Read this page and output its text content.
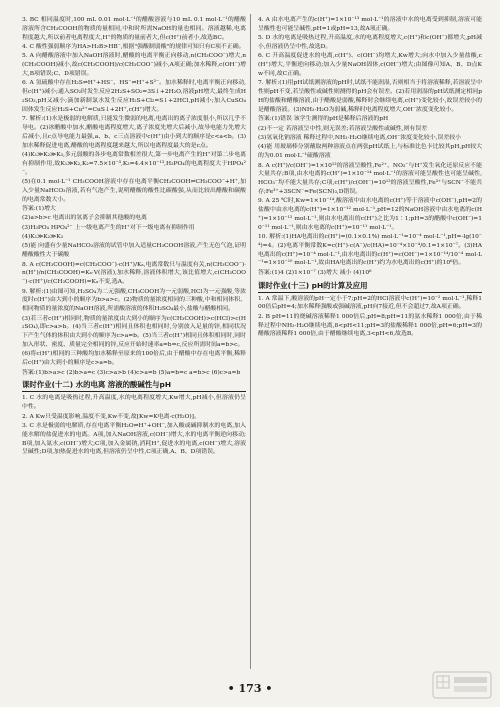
3. BC 相同温度时,100 mL 0.01 mol·L⁻¹的醋酸溶液与10 mL 0.1 mol·L⁻¹的醋酸溶液所含CH₃COOH的物质的量相同,中和时所需NaOH的量也相同。溶液越稀,电离程度越大,所以前者电离程度大,H⁺的物质的量前者大,但c(H⁺)前者小,故选BC。
4. C 酸性强弱顺序为HA>H₂B>HB⁻,根据"强酸制弱酸"的规律可知只有C项不正确。
5. A 向醋酸溶液中加入NaOH溶液时,醋酸的电离平衡正向移动,n(CH₃COO⁻)增大,n(CH₃COOH)减小,故c(CH₃COOH)/c(CH₃COO⁻)减小,A项正确;加水稀释,c(OH⁻)增大,B项错误;C、D项错误。
6. A 氢硫酸中存在H₂S⇌H⁺+HS⁻、HS⁻⇌H⁺+S²⁻。加水稀释时,电离平衡正向移动,但c(H⁺)减小;通入SO₂时发生反应2H₂S+SO₂=3S↓+2H₂O,溶液pH增大,最终生成H₂SO₃,pH又减小;滴加新制氯水发生反应H₂S+Cl₂=S↓+2HCl,pH减小;加入CuSO₄固体发生反应H₂S+Cu²⁺=CuS↓+2H⁺,c(H⁺)增大。
7. 解析:(1)水是极弱的电解质,只能发生微弱的电离,电离出的离子浓度很小,所以几乎不导电。(2)冰醋酸中加水,醋酸电离程度增大,离子浓度先增大后减小,故导电能力先增大后减小,且c点导电能力最强,a、b、c三点溶液中c(H⁺)由小到大的顺序是c<a<b。(3)加水稀释促进电离,醋酸的电离程度越来越大,所以电离程度最大的是c点。
(4)K₁≫K₂≫K₃,多元弱酸的各步电离常数相差很大,第一步电离产生的H⁺对第二步电离有抑制作用,故K₁≫K₂,K₂=7.5×10⁻³,K₃=4.4×10⁻¹³,H₃PO₄的电离程度大于HPO₄²⁻。
(5)在0.1 mol·L⁻¹ CH₃COOH溶液中存在电离平衡CH₃COOH⇌CH₃COO⁻+H⁺,加入少量NaHCO₃溶液,若有气泡产生,说明醋酸的酸性比碳酸强,从而比较出醋酸和碳酸的电离常数大小。
答案:(1)增大
(2)a>b>c 电离出的氢离子会抑制其他酸的电离
(3)H₃PO₄ HPO₄²⁻ 上一级电离产生的H⁺对下一级电离有抑制作用
(4)K₁≫K₂≫K₃
(5)能 向盛有少量NaHCO₃溶液的试管中加入适量CH₃COOH溶液,产生无色气泡,证明醋酸酸性大于碳酸
8. A c(CH₃COOH)=c(CH₃COO⁻)·c(H⁺)/Kₐ,电离常数只与温度有关,n(CH₃COO⁻)·n(H⁺)/n(CH₃COOH)=Kₐ·V(溶液),加水稀释,溶液体积增大,该比值增大,c(CH₃COO⁻)·c(H⁺)/c(CH₃COOH)=Kₐ不变,选A。
9. 解析:(1)由图可知,H₂SO₄为二元强酸,CH₃COOH为一元弱酸,HCl为一元强酸,等浓度时c(H⁺)由大到小的顺序为b>a>c。(2)物质的量浓度相同的三种酸,中和相同体积、相同物质的量浓度的NaOH溶液,所需酸溶液的体积H₂SO₄最小,盐酸与醋酸相同。
(3)若三者c(H⁺)相同时,物质的量浓度由大到小的顺序为c(CH₃COOH)>c(HCl)>c(H₂SO₄),即c>a>b。(4)当三者c(H⁺)相同且体积也相同时,分别放入足量的锌,相同状况下产生气体的体积由大到小的顺序为c>a=b。(5)当三者c(H⁺)相同且体积相同时,同时加入形状、密度、质量完全相同的锌,反应开始时速率a=b=c,反应所需时间a=b>c。
(6)将c(H⁺)相同的三种酸均加水稀释至原来的100倍后,由于醋酸中存在电离平衡,稀释后c(H⁺)由大到小的顺序是c>a=b。
答案:(1)b>a>c (2)b>a=c (3)c>a>b (4)c>a=b (5)a=b=c a=b>c (6)c>a=b
课时作业(十二) 水的电离 溶液的酸碱性与pH
1. C 水的电离是吸热过程,升高温度,水的电离程度增大,Kw增大,pH减小,但溶液仍呈中性。
2. A Kw只受温度影响,温度不变,Kw不变,故[Kw=K电离·c(H₂O)]。
3. C 水是极弱的电解质,存在电离平衡H₂O⇌H⁺+OH⁻,加入酸或碱抑制水的电离,加入能水解的盐促进水的电离。A项,加入NaOH溶液,c(OH⁻)增大,水的电离平衡逆向移动;B项,加入氨水,c(OH⁻)增大;C项,加入金属钠,消耗H⁺,促进水的电离,c(OH⁻)增大,溶液呈碱性;D项,加热促进水的电离,但溶液仍呈中性,C项正确,A、B、D项错误。
4. A 由水电离产生的c(H⁺)=1×10⁻¹³ mol·L⁻¹的溶液中水的电离受到抑制,溶液可能呈酸性也可能呈碱性,pH=1或pH=13,故A项正确。
5. D 水的电离是吸热过程,升高温度,水的电离程度增大,c(H⁺)和c(OH⁻)都增大,pH减小,但溶液仍呈中性,故选D。
6. C 升高温度促进水的电离,c(H⁺)、c(OH⁻)均增大,Kw增大;向水中加入少量盐酸,c(H⁺)增大,平衡逆向移动;加入少量NaOH固体,c(OH⁻)增大;由图像可知A、B、D点Kw不同,故C正确。
7. 解析:(1)用pH试纸测溶液的pH时,试纸不能润湿,否则相当于将溶液稀释,若溶液呈中性则pH不变,若呈酸性或碱性则测得的pH会有误差。(2)若用润湿的pH试纸测定相同pH的盐酸和醋酸溶液,由于醋酸是弱酸,稀释时会继续电离,c(H⁺)变化较小,故误差较小的是醋酸溶液。(3)NH₃·H₂O为弱碱,稀释时电离程度增大,OH⁻浓度变化较小。
答案:(1)错误 该学生测得的pH是稀释后溶液的pH
(2)不一定 若溶液呈中性,则无误差;若溶液呈酸性或碱性,则有误差
(3)氢氧化钠溶液 稀释过程中,NH₃·H₂O继续电离,OH⁻浓度变化较小,误差较小
(4)能 用玻璃棒分别蘸取两种溶液点在两张pH试纸上,与标准比色卡比较其pH,pH较大的为0.01 mol·L⁻¹硫酸溶液
8. A c(H⁺)/c(OH⁻)=1×10¹²的溶液呈酸性,Fe²⁺、NO₃⁻与H⁺发生氧化还原反应不能大量共存;B项,由水电离的c(H⁺)=1×10⁻¹⁴ mol·L⁻¹的溶液可能呈酸性也可能呈碱性,HCO₃⁻均不能大量共存;C项,c(H⁺)/c(OH⁻)=10¹²的溶液呈酸性,Fe³⁺与SCN⁻不能共存;Fe³⁺+3SCN⁻=Fe(SCN)₃,D错误。
9. A 25 ℃时,Kw=1×10⁻¹⁴,酸溶液中由水电离的c(H⁺)等于溶液中c(OH⁻),pH=2的盐酸中由水电离的c(H⁺)=1×10⁻¹² mol·L⁻¹,pH=12的NaOH溶液中由水电离的c(H⁺)=1×10⁻¹² mol·L⁻¹,则由水电离出的c(H⁺)之比为1∶1;pH=3的醋酸中c(OH⁻)=10⁻¹¹ mol·L⁻¹,则由水电离的c(H⁺)=10⁻¹¹ mol·L⁻¹。
10. 解析:(1)HA电离出的c(H⁺)=(0.1×0.1%) mol·L⁻¹=10⁻⁴ mol·L⁻¹,pH=-lg(10⁻⁴)=4。(2)电离平衡常数K=c(H⁺)·c(A⁻)/c(HA)=10⁻⁴×10⁻⁴/0.1=1×10⁻⁷。(3)HA电离出的c(H⁺)=10⁻⁴ mol·L⁻¹,由水电离出的c(H⁺)=c(OH⁻)=1×10⁻¹⁴/10⁻⁴ mol·L⁻¹=1×10⁻¹⁰ mol·L⁻¹,故由HA电离出的c(H⁺)约为水电离出的c(H⁺)的10⁶倍。
答案:(1)4 (2)1×10⁻⁷ (3)增大 减小 (4)10⁶
课时作业(十三) pH的计算及应用
1. A 常温下,酸溶液的pH一定小于7;pH=2的HCl溶液中c(H⁺)=10⁻² mol·L⁻¹,稀释100倍后pH=4;加水稀释强酸或强碱溶液,pH向7接近,但不会超过7,故A项正确。
2. B pH=11的烧碱溶液稀释1 000倍后,pH=8;pH=11的氨水稀释1 000倍,由于稀释过程中NH₃·H₂O继续电离,8<pH<11;pH=3的盐酸稀释1 000倍,pH=6;pH=3的醋酸溶液稀释1 000倍,由于醋酸继续电离,3<pH<6,故选B。
• 173 •
